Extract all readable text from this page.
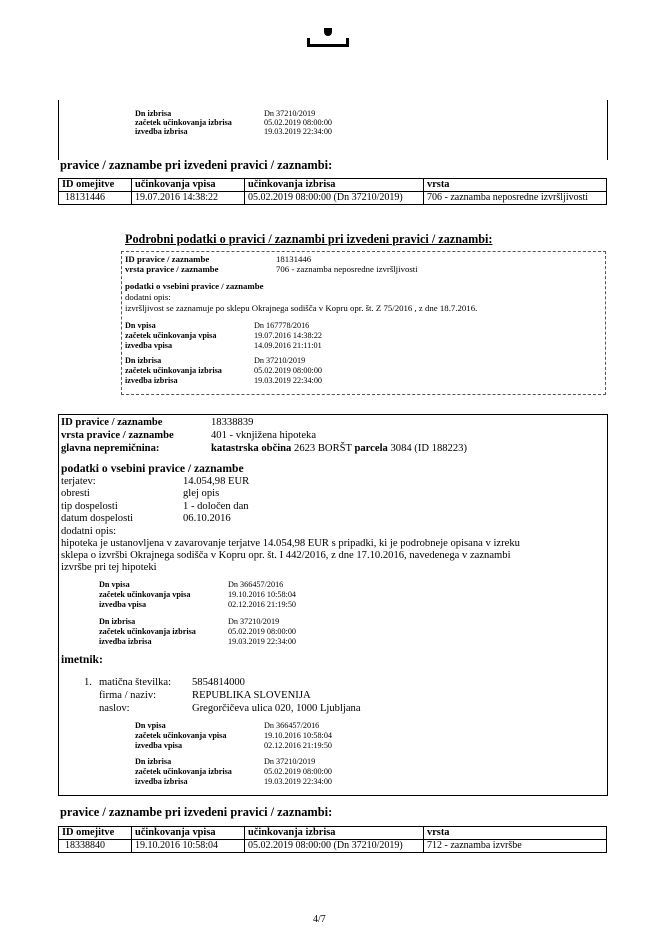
Dn izbrisa	Dn 37210/2019
začetek učinkovanja izbrisa	05.02.2019 08:00:00
izvedba izbrisa	19.03.2019 22:34:00
pravice / zaznambe pri izvedeni pravici / zaznambi:
ID omejitve	učinkovanja vpisa	učinkovanja izbrisa	vrsta
18131446	19.07.2016 14:38:22	05.02.2019 08:00:00 (Dn 37210/2019)	706 - zaznamba neposredne izvršljivosti
Podrobni podatki o pravici / zaznambi pri izvedeni pravici / zaznambi:
ID pravice / zaznambe	18131446
vrsta pravice / zaznambe	706 - zaznamba neposredne izvršljivosti
podatki o vsebini pravice / zaznambe
dodatni opis:
izvršljivost se zaznamuje po sklepu Okrajnega sodišča v Kopru opr. št. Z 75/2016 , z dne 18.7.2016.
Dn vpisa	Dn 167778/2016
začetek učinkovanja vpisa	19.07.2016 14:38:22
izvedba vpisa	14.09.2016 21:11:01
Dn izbrisa	Dn 37210/2019
začetek učinkovanja izbrisa	05.02.2019 08:00:00
izvedba izbrisa	19.03.2019 22:34:00
ID pravice / zaznambe	18338839
vrsta pravice / zaznambe	401 - vknjižena hipoteka
glavna nepremičnina:	katastrska občina 2623 BORŠT parcela 3084 (ID 188223)
podatki o vsebini pravice / zaznambe
terjatev:	14.054,98 EUR
obresti	glej opis
tip dospelosti	1 - določen dan
datum dospelosti	06.10.2016
dodatni opis:
hipoteka je ustanovljena v zavarovanje terjatve 14.054,98 EUR s pripadki, ki je podrobneje opisana v izreku
sklepa o izvršbi Okrajnega sodišča v Kopru opr. št. I 442/2016, z dne 17.10.2016, navedenega v zaznambi
izvršbe pri tej hipoteki
Dn vpisa	Dn 366457/2016
začetek učinkovanja vpisa	19.10.2016 10:58:04
izvedba vpisa	02.12.2016 21:19:50
Dn izbrisa	Dn 37210/2019
začetek učinkovanja izbrisa	05.02.2019 08:00:00
izvedba izbrisa	19.03.2019 22:34:00
imetnik:
1. matična številka: 5854814000
firma / naziv:	REPUBLIKA SLOVENIJA
naslov:	Gregorčičeva ulica 020, 1000 Ljubljana
Dn vpisa	Dn 366457/2016
začetek učinkovanja vpisa	19.10.2016 10:58:04
izvedba vpisa	02.12.2016 21:19:50
Dn izbrisa	Dn 37210/2019
začetek učinkovanja izbrisa	05.02.2019 08:00:00
izvedba izbrisa	19.03.2019 22:34:00
pravice / zaznambe pri izvedeni pravici / zaznambi:
ID omejitve	učinkovanja vpisa	učinkovanja izbrisa	vrsta
18338840	19.10.2016 10:58:04	05.02.2019 08:00:00 (Dn 37210/2019)	712 - zaznamba izvršbe
4/7
